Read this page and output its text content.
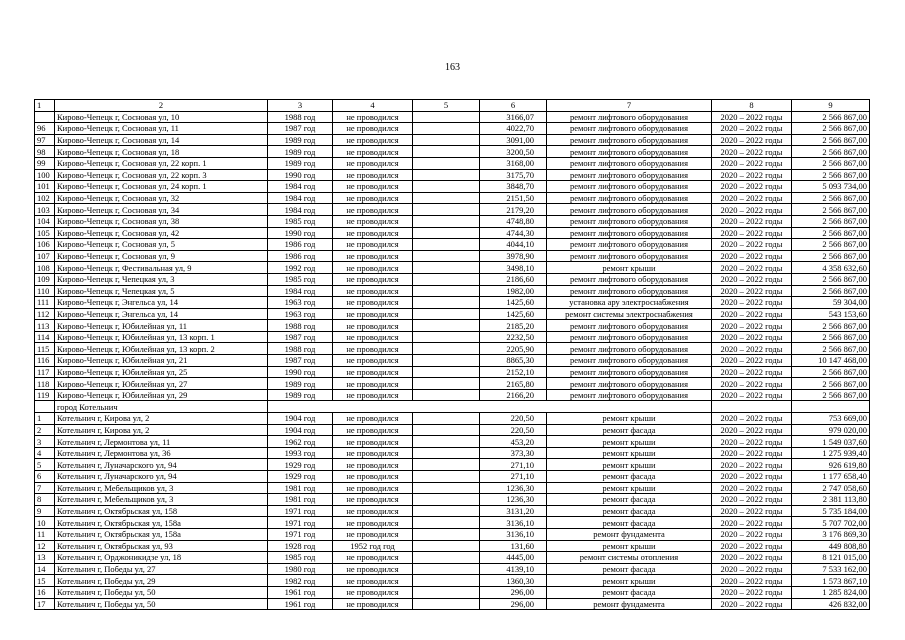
163
1	2	3	4	5	6	7	8	9
	Кирово-Чепецк г, Сосновая ул, 10	1988 год	не проводился		3166,07	ремонт лифтового оборудования	2020 – 2022 годы	2 566 867,00
96	Кирово-Чепецк г, Сосновая ул, 11	1987 год	не проводился		4022,70	ремонт лифтового оборудования	2020 – 2022 годы	2 566 867,00
97	Кирово-Чепецк г, Сосновая ул, 14	1989 год	не проводился		3091,00	ремонт лифтового оборудования	2020 – 2022 годы	2 566 867,00
98	Кирово-Чепецк г, Сосновая ул, 18	1989 год	не проводился		3200,50	ремонт лифтового оборудования	2020 – 2022 годы	2 566 867,00
99	Кирово-Чепецк г, Сосновая ул, 22 корп. 1	1989 год	не проводился		3168,00	ремонт лифтового оборудования	2020 – 2022 годы	2 566 867,00
100	Кирово-Чепецк г, Сосновая ул, 22 корп. 3	1990 год	не проводился		3175,70	ремонт лифтового оборудования	2020 – 2022 годы	2 566 867,00
101	Кирово-Чепецк г, Сосновая ул, 24 корп. 1	1984 год	не проводился		3848,70	ремонт лифтового оборудования	2020 – 2022 годы	5 093 734,00
102	Кирово-Чепецк г, Сосновая ул, 32	1984 год	не проводился		2151,50	ремонт лифтового оборудования	2020 – 2022 годы	2 566 867,00
103	Кирово-Чепецк г, Сосновая ул, 34	1984 год	не проводился		2179,20	ремонт лифтового оборудования	2020 – 2022 годы	2 566 867,00
104	Кирово-Чепецк г, Сосновая ул, 38	1985 год	не проводился		4748,80	ремонт лифтового оборудования	2020 – 2022 годы	2 566 867,00
105	Кирово-Чепецк г, Сосновая ул, 42	1990 год	не проводился		4744,30	ремонт лифтового оборудования	2020 – 2022 годы	2 566 867,00
106	Кирово-Чепецк г, Сосновая ул, 5	1986 год	не проводился		4044,10	ремонт лифтового оборудования	2020 – 2022 годы	2 566 867,00
107	Кирово-Чепецк г, Сосновая ул, 9	1986 год	не проводился		3978,90	ремонт лифтового оборудования	2020 – 2022 годы	2 566 867,00
108	Кирово-Чепецк г, Фестивальная ул, 9	1992 год	не проводился		3498,10	ремонт крыши	2020 – 2022 годы	4 358 632,60
109	Кирово-Чепецк г, Чепецкая ул, 3	1985 год	не проводился		2186,60	ремонт лифтового оборудования	2020 – 2022 годы	2 566 867,00
110	Кирово-Чепецк г, Чепецкая ул, 5	1984 год	не проводился		1982,00	ремонт лифтового оборудования	2020 – 2022 годы	2 566 867,00
111	Кирово-Чепецк г, Энгельса ул, 14	1963 год	не проводился		1425,60	установка ару электроснабжения	2020 – 2022 годы	59 304,00
112	Кирово-Чепецк г, Энгельса ул, 14	1963 год	не проводился		1425,60	ремонт системы электроснабжения	2020 – 2022 годы	543 153,60
113	Кирово-Чепецк г, Юбилейная ул, 11	1988 год	не проводился		2185,20	ремонт лифтового оборудования	2020 – 2022 годы	2 566 867,00
114	Кирово-Чепецк г, Юбилейная ул, 13 корп. 1	1987 год	не проводился		2232,50	ремонт лифтового оборудования	2020 – 2022 годы	2 566 867,00
115	Кирово-Чепецк г, Юбилейная ул, 13 корп. 2	1988 год	не проводился		2205,90	ремонт лифтового оборудования	2020 – 2022 годы	2 566 867,00
116	Кирово-Чепецк г, Юбилейная ул, 21	1987 год	не проводился		8865,30	ремонт лифтового оборудования	2020 – 2022 годы	10 147 468,00
117	Кирово-Чепецк г, Юбилейная ул, 25	1990 год	не проводился		2152,10	ремонт лифтового оборудования	2020 – 2022 годы	2 566 867,00
118	Кирово-Чепецк г, Юбилейная ул, 27	1989 год	не проводился		2165,80	ремонт лифтового оборудования	2020 – 2022 годы	2 566 867,00
119	Кирово-Чепецк г, Юбилейная ул, 29	1989 год	не проводился		2166,20	ремонт лифтового оборудования	2020 – 2022 годы	2 566 867,00
	город Котельнич							
1	Котельнич г, Кирова ул, 2	1904 год	не проводился		220,50	ремонт крыши	2020 – 2022 годы	753 669,00
2	Котельнич г, Кирова ул, 2	1904 год	не проводился		220,50	ремонт фасада	2020 – 2022 годы	979 020,00
3	Котельнич г, Лермонтова ул, 11	1962 год	не проводился		453,20	ремонт крыши	2020 – 2022 годы	1 549 037,60
4	Котельнич г, Лермонтова ул, 36	1993 год	не проводился		373,30	ремонт крыши	2020 – 2022 годы	1 275 939,40
5	Котельнич г, Луначарского ул, 94	1929 год	не проводился		271,10	ремонт крыши	2020 – 2022 годы	926 619,80
6	Котельнич г, Луначарского ул, 94	1929 год	не проводился		271,10	ремонт фасада	2020 – 2022 годы	1 177 658,40
7	Котельнич г, Мебельщиков ул, 3	1981 год	не проводился		1236,30	ремонт крыши	2020 – 2022 годы	2 747 058,60
8	Котельнич г, Мебельщиков ул, 3	1981 год	не проводился		1236,30	ремонт фасада	2020 – 2022 годы	2 381 113,80
9	Котельнич г, Октябрьская ул, 158	1971 год	не проводился		3131,20	ремонт фасада	2020 – 2022 годы	5 735 184,00
10	Котельнич г, Октябрьская ул, 158а	1971 год	не проводился		3136,10	ремонт фасада	2020 – 2022 годы	5 707 702,00
11	Котельнич г, Октябрьская ул, 158а	1971 год	не проводился		3136,10	ремонт фундамента	2020 – 2022 годы	3 176 869,30
12	Котельнич г, Октябрьская ул, 93	1928 год	1952 год год		131,60	ремонт крыши	2020 – 2022 годы	449 808,80
13	Котельнич г, Орджоникидзе ул, 18	1985 год	не проводился		4445,00	ремонт системы отопления	2020 – 2022 годы	8 121 015,00
14	Котельнич г, Победы ул, 27	1980 год	не проводился		4139,10	ремонт фасада	2020 – 2022 годы	7 533 162,00
15	Котельнич г, Победы ул, 29	1982 год	не проводился		1360,30	ремонт крыши	2020 – 2022 годы	1 573 867,10
16	Котельнич г, Победы ул, 50	1961 год	не проводился		296,00	ремонт фасада	2020 – 2022 годы	1 285 824,00
17	Котельнич г, Победы ул, 50	1961 год	не проводился		296,00	ремонт фундамента	2020 – 2022 годы	426 832,00
